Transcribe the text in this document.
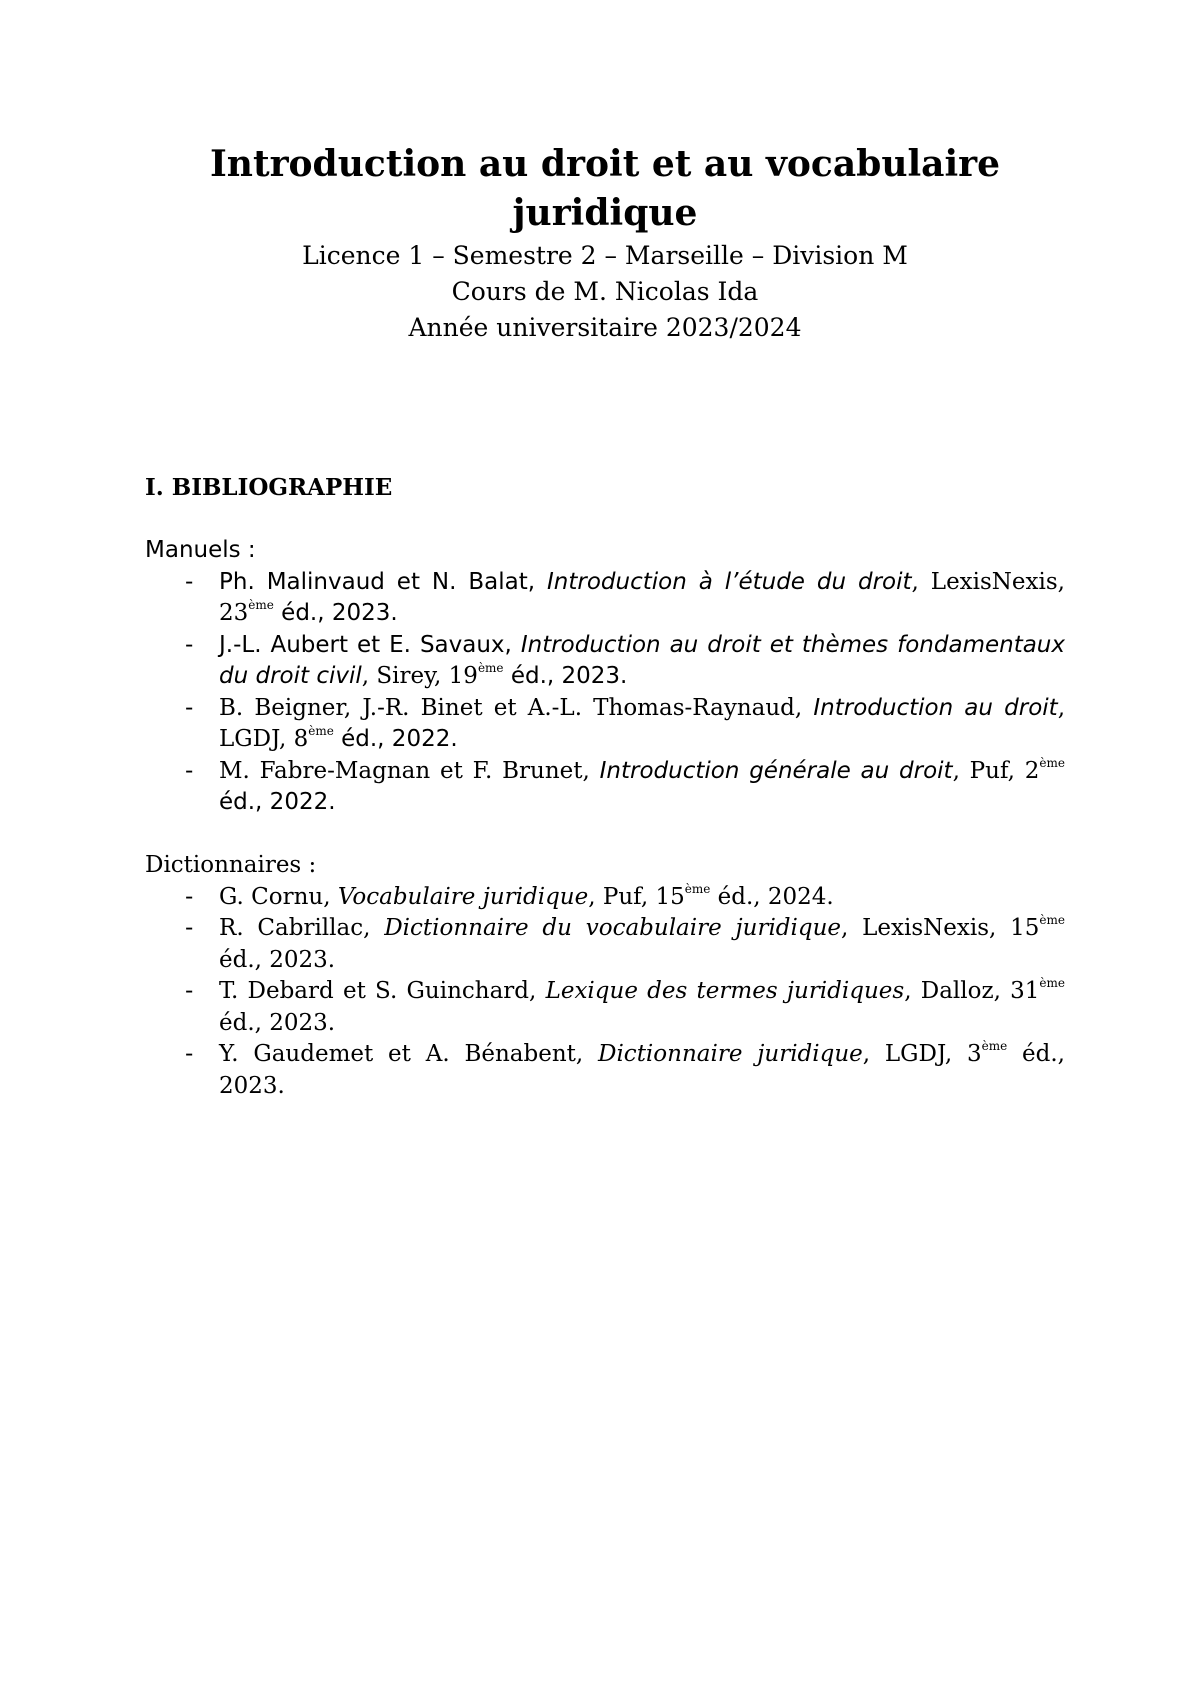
Introduction au droit et au vocabulaire juridique

Licence 1 – Semestre 2 – Marseille – Division M

Cours de M. Nicolas Ida

Année universitaire 2023/2024

I. BIBLIOGRAPHIE

Manuels :

- Ph. Malinvaud et N. Balat, Introduction à l’étude du droit, LexisNexis, 23ème éd., 2023.
- J.-L. Aubert et E. Savaux, Introduction au droit et thèmes fondamentaux du droit civil, Sirey, 19ème éd., 2023.
- B. Beigner, J.-R. Binet et A.-L. Thomas-Raynaud, Introduction au droit, LGDJ, 8ème éd., 2022.
- M. Fabre-Magnan et F. Brunet, Introduction générale au droit, Puf, 2ème éd., 2022.

Dictionnaires :

- G. Cornu, Vocabulaire juridique, Puf, 15ème éd., 2024.
- R. Cabrillac, Dictionnaire du vocabulaire juridique, LexisNexis, 15ème éd., 2023.
- T. Debard et S. Guinchard, Lexique des termes juridiques, Dalloz, 31ème éd., 2023.
- Y. Gaudemet et A. Bénabent, Dictionnaire juridique, LGDJ, 3ème éd., 2023.
